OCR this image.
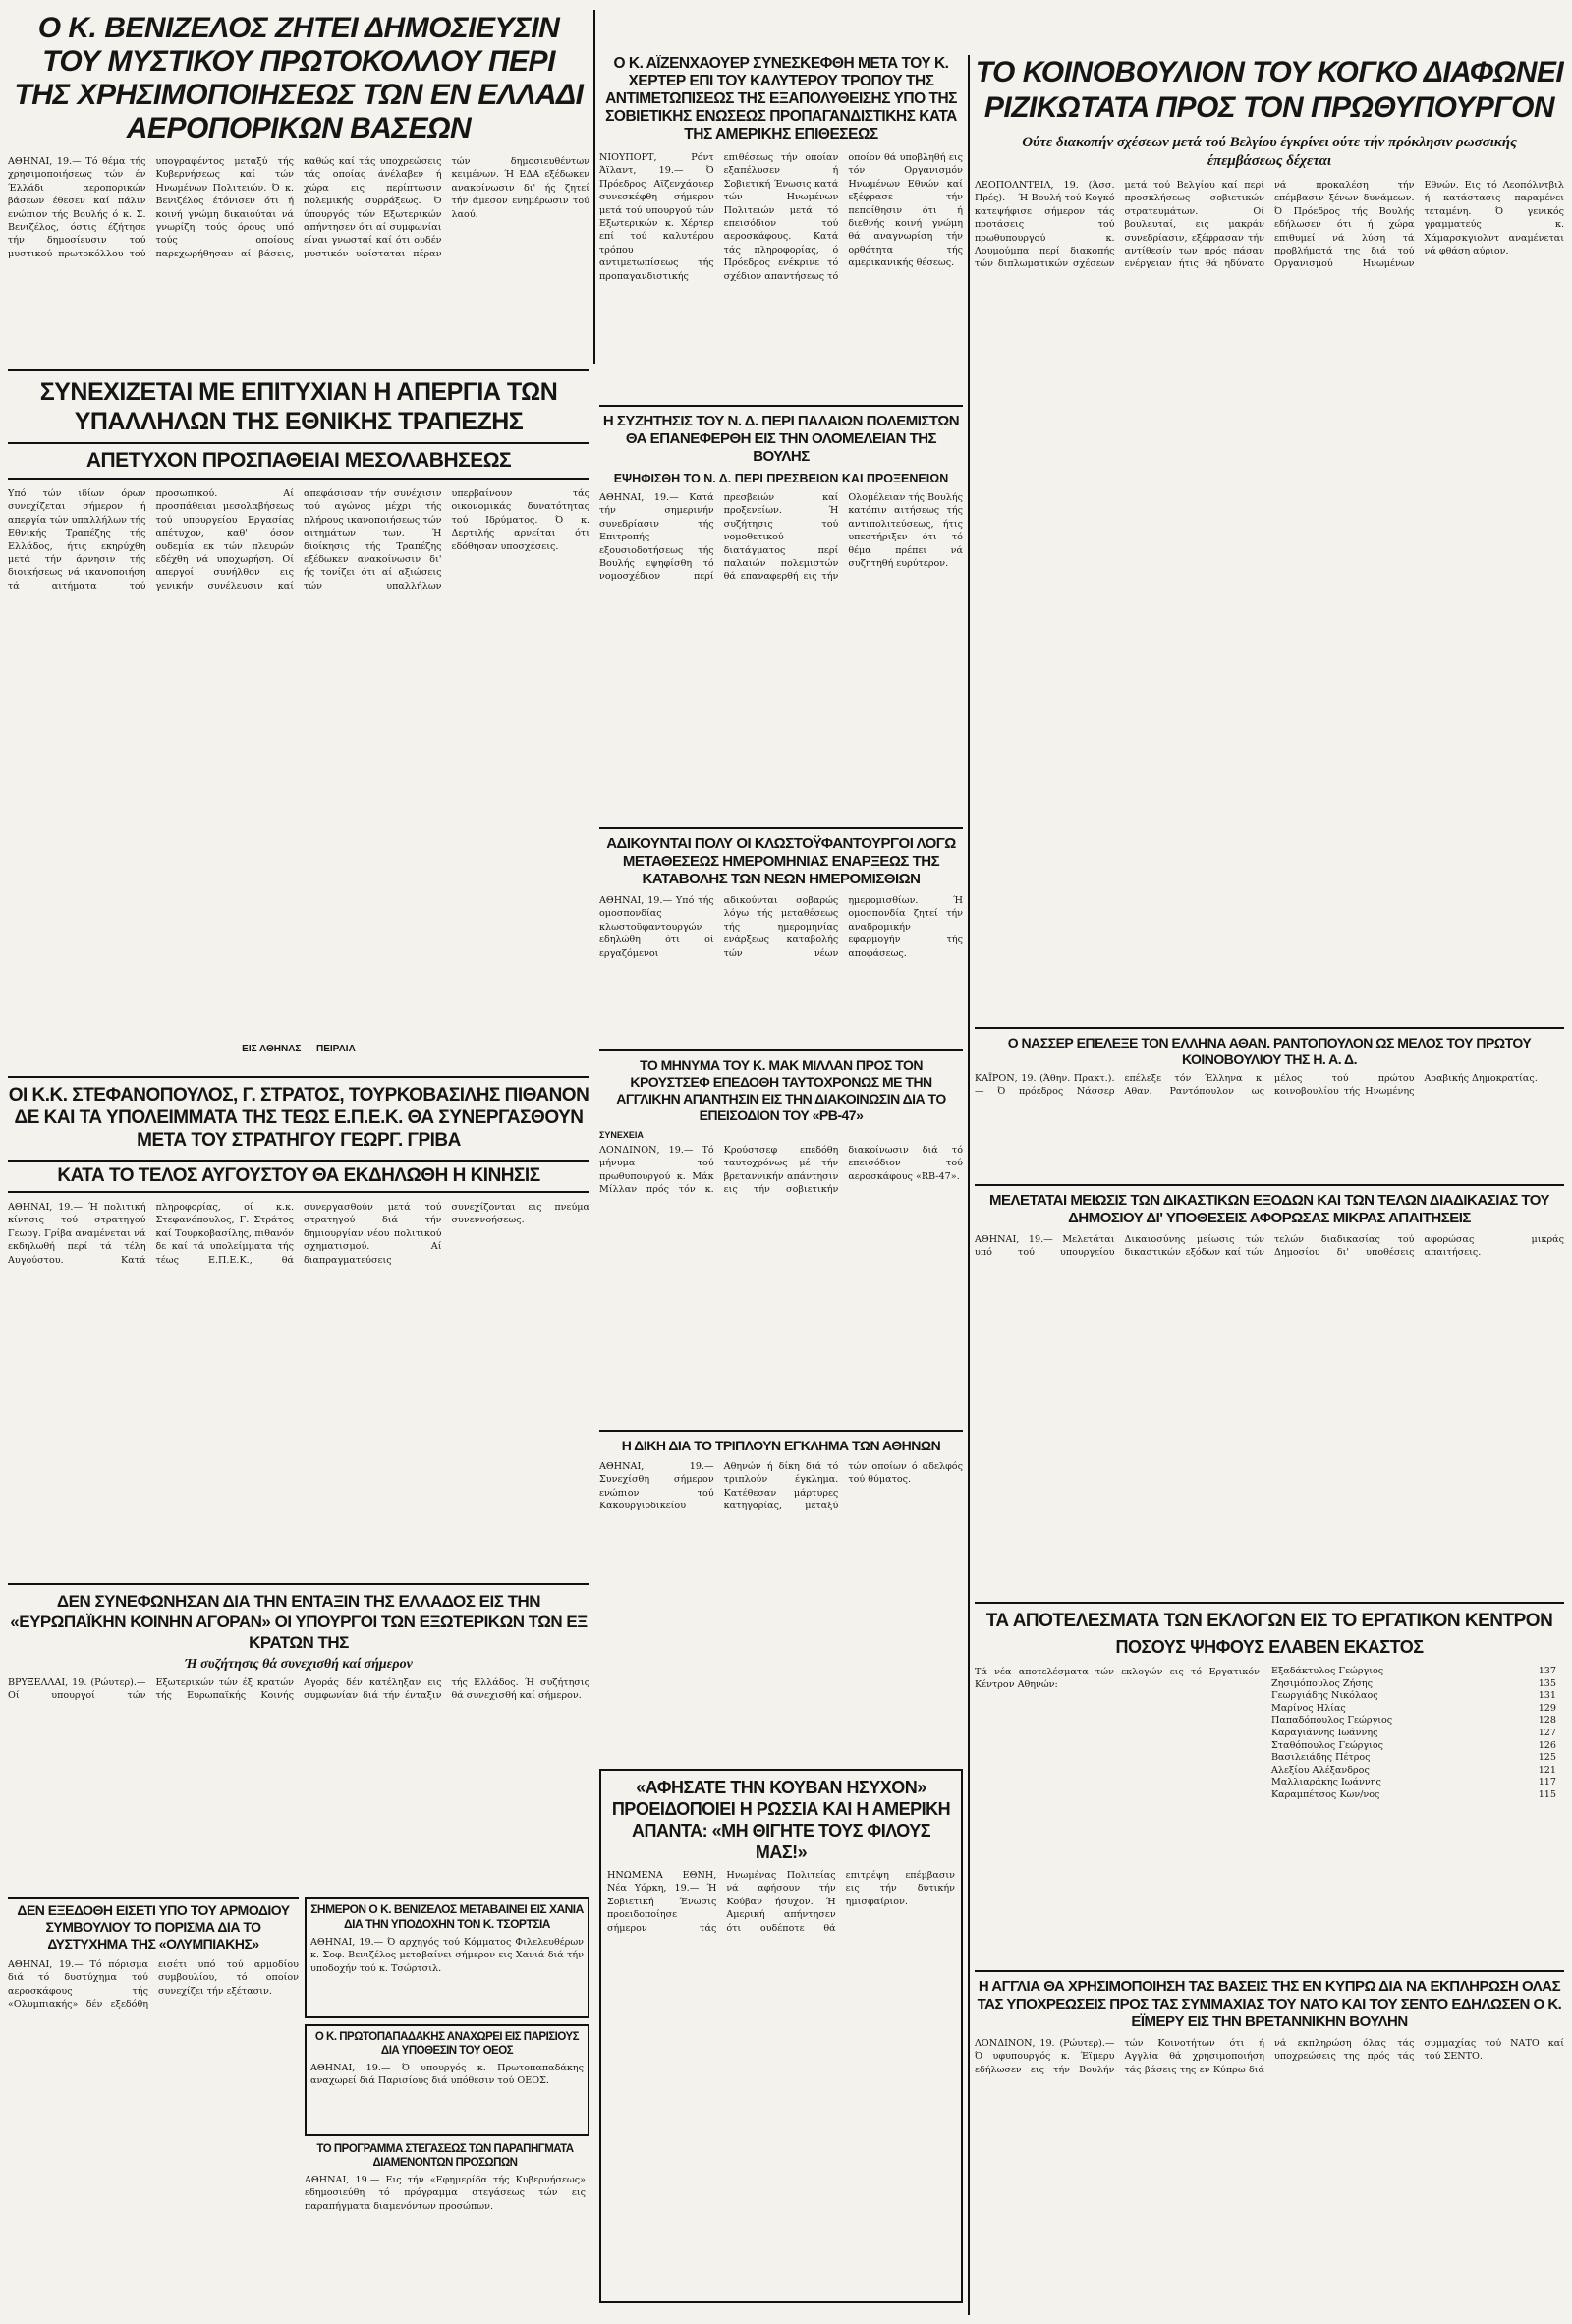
Ο Κ. ΒΕΝΙΖΕΛΟΣ ΖΗΤΕΙ ΔΗΜΟΣΙΕΥΣΙΝ ΤΟΥ ΜΥΣΤΙΚΟΥ ΠΡΩΤΟΚΟΛΛΟΥ ΠΕΡΙ ΤΗΣ ΧΡΗΣΙΜΟΠΟΙΗΣΕΩΣ ΤΩΝ ΕΝ ΕΛΛΑΔΙ ΑΕΡΟΠΟΡΙΚΩΝ ΒΑΣΕΩΝ
ΑΘΗΝΑΙ, 19.— Τό θέμα τής χρησιμοποιήσεως τών έν Έλλάδι αεροπορικών βάσεων έθεσεν καί πάλιν ενώπιον τής Βουλής ό κ. Σ. Βενιζέλος, όστις έζήτησε τήν δημοσίευσιν τού μυστικού πρωτοκόλλου τού υπογραφέντος μεταξύ τής Κυβερνήσεως καί τών Ηνωμένων Πολιτειών. Ό κ. Βενιζέλος έτόνισεν ότι ή κοινή γνώμη δικαιούται νά γνωρίζη τούς όρους υπό τούς οποίους παρεχωρήθησαν αί βάσεις, καθώς καί τάς υποχρεώσεις τάς οποίας άνέλαβεν ή χώρα εις περίπτωσιν πολεμικής συρράξεως. Ό ύπουργός τών Εξωτερικών απήντησεν ότι αί συμφωνίαι είναι γνωσταί καί ότι ουδέν μυστικόν υφίσταται πέραν τών δημοσιευθέντων κειμένων. Ή ΕΔΑ εξέδωκεν ανακοίνωσιν δι' ής ζητεί τήν άμεσον ενημέρωσιν τού λαού.
Ο Κ. ΑΪΖΕΝΧΑΟΥΕΡ ΣΥΝΕΣΚΕΦΘΗ ΜΕΤΑ ΤΟΥ Κ. ΧΕΡΤΕΡ ΕΠΙ ΤΟΥ ΚΑΛΥΤΕΡΟΥ ΤΡΟΠΟΥ ΤΗΣ ΑΝΤΙΜΕΤΩΠΙΣΕΩΣ ΤΗΣ ΕΞΑΠΟΛΥΘΕΙΣΗΣ ΥΠΟ ΤΗΣ ΣΟΒΙΕΤΙΚΗΣ ΕΝΩΣΕΩΣ ΠΡΟΠΑΓΑΝΔΙΣΤΙΚΗΣ ΚΑΤΑ ΤΗΣ ΑΜΕΡΙΚΗΣ ΕΠΙΘΕΣΕΩΣ
ΝΙΟΥΠΟΡΤ, Ρόντ Άϊλαντ, 19.— Ό Πρόεδρος Αϊζενχάουερ συνεσκέφθη σήμερον μετά τού υπουργού τών Εξωτερικών κ. Χέρτερ επί τού καλυτέρου τρόπου αντιμετωπίσεως τής προπαγανδιστικής επιθέσεως τήν οποίαν εξαπέλυσεν ή Σοβιετική Ένωσις κατά τών Ηνωμένων Πολιτειών μετά τό επεισόδιον τού αεροσκάφους. Κατά τάς πληροφορίας, ό Πρόεδρος ενέκρινε τό σχέδιον απαντήσεως τό οποίον θά υποβληθή εις τόν Οργανισμόν Ηνωμένων Εθνών καί εξέφρασε τήν πεποίθησιν ότι ή διεθνής κοινή γνώμη θά αναγνωρίση τήν ορθότητα τής αμερικανικής θέσεως.
ΤΟ ΚΟΙΝΟΒΟΥΛΙΟΝ ΤΟΥ ΚΟΓΚΟ ΔΙΑΦΩΝΕΙ ΡΙΖΙΚΩΤΑΤΑ ΠΡΟΣ ΤΟΝ ΠΡΩΘΥΠΟΥΡΓΟΝ
Ούτε διακοπήν σχέσεων μετά τού Βελγίου έγκρίνει ούτε τήν πρόκλησιν ρωσσικής έπεμβάσεως δέχεται
ΛΕΟΠΟΛΝΤΒΙΛ, 19. (Άσσ. Πρές).— Ή Βουλή τού Κογκό κατεψήφισε σήμερον τάς προτάσεις τού πρωθυπουργού κ. Λουμούμπα περί διακοπής τών διπλωματικών σχέσεων μετά τού Βελγίου καί περί προσκλήσεως σοβιετικών στρατευμάτων. Οί βουλευταί, εις μακράν συνεδρίασιν, εξέφρασαν τήν αντίθεσίν των πρός πάσαν ενέργειαν ήτις θά ηδύνατο νά προκαλέση τήν επέμβασιν ξένων δυνάμεων. Ό Πρόεδρος τής Βουλής εδήλωσεν ότι ή χώρα επιθυμεί νά λύση τά προβλήματά της διά τού Οργανισμού Ηνωμένων Εθνών. Εις τό Λεοπόλντβιλ ή κατάστασις παραμένει τεταμένη. Ό γενικός γραμματεύς κ. Χάμαρσκγιολντ αναμένεται νά φθάση αύριον.
ΣΥΝΕΧΙΖΕΤΑΙ ΜΕ ΕΠΙΤΥΧΙΑΝ Η ΑΠΕΡΓΙΑ ΤΩΝ ΥΠΑΛΛΗΛΩΝ ΤΗΣ ΕΘΝΙΚΗΣ ΤΡΑΠΕΖΗΣ
ΑΠΕΤΥΧΟΝ ΠΡΟΣΠΑΘΕΙΑΙ ΜΕΣΟΛΑΒΗΣΕΩΣ
Υπό τών ιδίων όρων συνεχίζεται σήμερον ή απεργία τών υπαλλήλων τής Εθνικής Τραπέζης τής Ελλάδος, ήτις εκηρύχθη μετά τήν άρνησιν τής διοικήσεως νά ικανοποιήση τά αιτήματα τού προσωπικού. Αί προσπάθειαι μεσολαβήσεως τού υπουργείου Εργασίας απέτυχον, καθ' όσον ουδεμία εκ τών πλευρών εδέχθη νά υποχωρήση. Οί απεργοί συνήλθον εις γενικήν συνέλευσιν καί απεφάσισαν τήν συνέχισιν τού αγώνος μέχρι τής πλήρους ικανοποιήσεως τών αιτημάτων των. Ή διοίκησις τής Τραπέζης εξέδωκεν ανακοίνωσιν δι' ής τονίζει ότι αί αξιώσεις τών υπαλλήλων υπερβαίνουν τάς οικονομικάς δυνατότητας τού Ιδρύματος. Ό κ. Δερτιλής αρνείται ότι εδόθησαν υποσχέσεις.
ΕΙΣ ΑΘΗΝΑΣ — ΠΕΙΡΑΙΑ
Η ΣΥΖΗΤΗΣΙΣ ΤΟΥ Ν. Δ. ΠΕΡΙ ΠΑΛΑΙΩΝ ΠΟΛΕΜΙΣΤΩΝ ΘΑ ΕΠΑΝΕΦΕΡΘΗ ΕΙΣ ΤΗΝ ΟΛΟΜΕΛΕΙΑΝ ΤΗΣ ΒΟΥΛΗΣ
ΕΨΗΦΙΣΘΗ ΤΟ Ν. Δ. ΠΕΡΙ ΠΡΕΣΒΕΙΩΝ ΚΑΙ ΠΡΟΞΕΝΕΙΩΝ
ΑΘΗΝΑΙ, 19.— Κατά τήν σημερινήν συνεδρίασιν τής Επιτροπής εξουσιοδοτήσεως τής Βουλής εψηφίσθη τό νομοσχέδιον περί πρεσβειών καί προξενείων. Ή συζήτησις τού νομοθετικού διατάγματος περί παλαιών πολεμιστών θά επαναφερθή εις τήν Ολομέλειαν τής Βουλής κατόπιν αιτήσεως τής αντιπολιτεύσεως, ήτις υπεστήριξεν ότι τό θέμα πρέπει νά συζητηθή ευρύτερον.
ΑΔΙΚΟΥΝΤΑΙ ΠΟΛΥ ΟΙ ΚΛΩΣΤΟΫΦΑΝΤΟΥΡΓΟΙ ΛΟΓΩ ΜΕΤΑΘΕΣΕΩΣ ΗΜΕΡΟΜΗΝΙΑΣ ΕΝΑΡΞΕΩΣ ΤΗΣ ΚΑΤΑΒΟΛΗΣ ΤΩΝ ΝΕΩΝ ΗΜΕΡΟΜΙΣΘΙΩΝ
ΑΘΗΝΑΙ, 19.— Υπό τής ομοσπονδίας κλωστοϋφαντουργών εδηλώθη ότι οί εργαζόμενοι αδικούνται σοβαρώς λόγω τής μεταθέσεως τής ημερομηνίας ενάρξεως καταβολής τών νέων ημερομισθίων. Ή ομοσπονδία ζητεί τήν αναδρομικήν εφαρμογήν τής αποφάσεως.
ΟΙ Κ.Κ. ΣΤΕΦΑΝΟΠΟΥΛΟΣ, Γ. ΣΤΡΑΤΟΣ, ΤΟΥΡΚΟΒΑΣΙΛΗΣ ΠΙΘΑΝΟΝ ΔΕ ΚΑΙ ΤΑ ΥΠΟΛΕΙΜΜΑΤΑ ΤΗΣ ΤΕΩΣ Ε.Π.Ε.Κ. ΘΑ ΣΥΝΕΡΓΑΣΘΟΥΝ ΜΕΤΑ ΤΟΥ ΣΤΡΑΤΗΓΟΥ ΓΕΩΡΓ. ΓΡΙΒΑ
ΚΑΤΑ ΤΟ ΤΕΛΟΣ ΑΥΓΟΥΣΤΟΥ ΘΑ ΕΚΔΗΛΩΘΗ Η ΚΙΝΗΣΙΣ
ΑΘΗΝΑΙ, 19.— Ή πολιτική κίνησις τού στρατηγού Γεωργ. Γρίβα αναμένεται νά εκδηλωθή περί τά τέλη Αυγούστου. Κατά πληροφορίας, οί κ.κ. Στεφανόπουλος, Γ. Στράτος καί Τουρκοβασίλης, πιθανόν δε καί τά υπολείμματα τής τέως Ε.Π.Ε.Κ., θά συνεργασθούν μετά τού στρατηγού διά τήν δημιουργίαν νέου πολιτικού σχηματισμού. Αί διαπραγματεύσεις συνεχίζονται εις πνεύμα συνεννοήσεως.
ΤΟ ΜΗΝΥΜΑ ΤΟΥ Κ. ΜΑΚ ΜΙΛΛΑΝ ΠΡΟΣ ΤΟΝ ΚΡΟΥΣΤΣΕΦ ΕΠΕΔΟΘΗ ΤΑΥΤΟΧΡΟΝΩΣ ΜΕ ΤΗΝ ΑΓΓΛΙΚΗΝ ΑΠΑΝΤΗΣΙΝ ΕΙΣ ΤΗΝ ΔΙΑΚΟΙΝΩΣΙΝ ΔΙΑ ΤΟ ΕΠΕΙΣΟΔΙΟΝ ΤΟΥ «ΡΒ-47»
ΣΥΝΕΧΕΙΑ
ΛΟΝΔΙΝΟΝ, 19.— Τό μήνυμα τού πρωθυπουργού κ. Μάκ Μίλλαν πρός τόν κ. Κρούστσεφ επεδόθη ταυτοχρόνως μέ τήν βρεταννικήν απάντησιν εις τήν σοβιετικήν διακοίνωσιν διά τό επεισόδιον τού αεροσκάφους «RB-47».
Η ΔΙΚΗ ΔΙΑ ΤΟ ΤΡΙΠΛΟΥΝ ΕΓΚΛΗΜΑ ΤΩΝ ΑΘΗΝΩΝ
ΑΘΗΝΑΙ, 19.— Συνεχίσθη σήμερον ενώπιον τού Κακουργιοδικείου Αθηνών ή δίκη διά τό τριπλούν έγκλημα. Κατέθεσαν μάρτυρες κατηγορίας, μεταξύ τών οποίων ό αδελφός τού θύματος.
«ΑΦΗΣΑΤΕ ΤΗΝ ΚΟΥΒΑΝ ΗΣΥΧΟΝ» ΠΡΟΕΙΔΟΠΟΙΕΙ Η ΡΩΣΣΙΑ ΚΑΙ Η ΑΜΕΡΙΚΗ ΑΠΑΝΤΑ: «ΜΗ ΘΙΓΗΤΕ ΤΟΥΣ ΦΙΛΟΥΣ ΜΑΣ!»
ΗΝΩΜΕΝΑ ΕΘΝΗ, Νέα Υόρκη, 19.— Ή Σοβιετική Ένωσις προειδοποίησε σήμερον τάς Ηνωμένας Πολιτείας νά αφήσουν τήν Κούβαν ήσυχον. Ή Αμερική απήντησεν ότι ουδέποτε θά επιτρέψη επέμβασιν εις τήν δυτικήν ημισφαίριον.
ΔΕΝ ΣΥΝΕΦΩΝΗΣΑΝ ΔΙΑ ΤΗΝ ΕΝΤΑΞΙΝ ΤΗΣ ΕΛΛΑΔΟΣ ΕΙΣ ΤΗΝ «ΕΥΡΩΠΑΪΚΗΝ ΚΟΙΝΗΝ ΑΓΟΡΑΝ» ΟΙ ΥΠΟΥΡΓΟΙ ΤΩΝ ΕΞΩΤΕΡΙΚΩΝ ΤΩΝ ΕΞ ΚΡΑΤΩΝ ΤΗΣ
Ή συζήτησις θά συνεχισθή καί σήμερον
ΒΡΥΞΕΛΛΑΙ, 19. (Ρώυτερ).— Οί υπουργοί τών Εξωτερικών τών έξ κρατών τής Ευρωπαϊκής Κοινής Αγοράς δέν κατέληξαν εις συμφωνίαν διά τήν ένταξιν τής Ελλάδος. Ή συζήτησις θά συνεχισθή καί σήμερον.
ΣΗΜΕΡΟΝ Ο Κ. ΒΕΝΙΖΕΛΟΣ ΜΕΤΑΒΑΙΝΕΙ ΕΙΣ ΧΑΝΙΑ ΔΙΑ ΤΗΝ ΥΠΟΔΟΧΗΝ ΤΟΝ Κ. ΤΣΟΡΤΣΙΑ
ΑΘΗΝΑΙ, 19.— Ό αρχηγός τού Κόμματος Φιλελευθέρων κ. Σοφ. Βενιζέλος μεταβαίνει σήμερον εις Χανιά διά τήν υποδοχήν τού κ. Τσώρτσιλ.
ΔΕΝ ΕΞΕΔΟΘΗ ΕΙΣΕΤΙ ΥΠΟ ΤΟΥ ΑΡΜΟΔΙΟΥ ΣΥΜΒΟΥΛΙΟΥ ΤΟ ΠΟΡΙΣΜΑ ΔΙΑ ΤΟ ΔΥΣΤΥΧΗΜΑ ΤΗΣ «ΟΛΥΜΠΙΑΚΗΣ»
ΑΘΗΝΑΙ, 19.— Τό πόρισμα διά τό δυστύχημα τού αεροσκάφους τής «Ολυμπιακής» δέν εξεδόθη εισέτι υπό τού αρμοδίου συμβουλίου, τό οποίον συνεχίζει τήν εξέτασιν.
Ο Κ. ΠΡΩΤΟΠΑΠΑΔΑΚΗΣ ΑΝΑΧΩΡΕΙ ΕΙΣ ΠΑΡΙΣΙΟΥΣ ΔΙΑ ΥΠΟΘΕΣΙΝ ΤΟΥ ΟΕΟΣ
ΑΘΗΝΑΙ, 19.— Ό υπουργός κ. Πρωτοπαπαδάκης αναχωρεί διά Παρισίους διά υπόθεσιν τού ΟΕΟΣ.
ΤΟ ΠΡΟΓΡΑΜΜΑ ΣΤΕΓΑΣΕΩΣ ΤΩΝ ΠΑΡΑΠΗΓΜΑΤΑ ΔΙΑΜΕΝΟΝΤΩΝ ΠΡΟΣΩΠΩΝ
ΑΘΗΝΑΙ, 19.— Εις τήν «Εφημερίδα τής Κυβερνήσεως» εδημοσιεύθη τό πρόγραμμα στεγάσεως τών εις παραπήγματα διαμενόντων προσώπων.
Ο ΝΑΣΣΕΡ ΕΠΕΛΕΞΕ ΤΟΝ ΕΛΛΗΝΑ ΑΘΑΝ. ΡΑΝΤΟΠΟΥΛΟΝ ΩΣ ΜΕΛΟΣ ΤΟΥ ΠΡΩΤΟΥ ΚΟΙΝΟΒΟΥΛΙΟΥ ΤΗΣ Η. Α. Δ.
ΚΑΪΡΟΝ, 19. (Άθην. Πρακτ.).— Ό πρόεδρος Νάσσερ επέλεξε τόν Έλληνα κ. Αθαν. Ραντόπουλον ως μέλος τού πρώτου κοινοβουλίου τής Ηνωμένης Αραβικής Δημοκρατίας.
ΜΕΛΕΤΑΤΑΙ ΜΕΙΩΣΙΣ ΤΩΝ ΔΙΚΑΣΤΙΚΩΝ ΕΞΟΔΩΝ ΚΑΙ ΤΩΝ ΤΕΛΩΝ ΔΙΑΔΙΚΑΣΙΑΣ ΤΟΥ ΔΗΜΟΣΙΟΥ ΔΙ' ΥΠΟΘΕΣΕΙΣ ΑΦΟΡΩΣΑΣ ΜΙΚΡΑΣ ΑΠΑΙΤΗΣΕΙΣ
ΑΘΗΝΑΙ, 19.— Μελετάται υπό τού υπουργείου Δικαιοσύνης μείωσις τών δικαστικών εξόδων καί τών τελών διαδικασίας τού Δημοσίου δι' υποθέσεις αφορώσας μικράς απαιτήσεις.
ΤΑ ΑΠΟΤΕΛΕΣΜΑΤΑ ΤΩΝ ΕΚΛΟΓΩΝ ΕΙΣ ΤΟ ΕΡΓΑΤΙΚΟΝ ΚΕΝΤΡΟΝ
ΠΟΣΟΥΣ ΨΗΦΟΥΣ ΕΛΑΒΕΝ ΕΚΑΣΤΟΣ
Τά νέα αποτελέσματα τών εκλογών εις τό Εργατικόν Κέντρον Αθηνών:
Εξαδάκτυλος Γεώργιος	137
Ζησιμόπουλος Ζήσης	135
Γεωργιάδης Νικόλαος	131
Μαρίνος Ηλίας	129
Παπαδόπουλος Γεώργιος	128
Καραγιάννης Ιωάννης	127
Σταθόπουλος Γεώργιος	126
Βασιλειάδης Πέτρος	125
Αλεξίου Αλέξανδρος	121
Μαλλιαράκης Ιωάννης	117
Καραμπέτσος Κων/νος	115
Η ΑΓΓΛΙΑ ΘΑ ΧΡΗΣΙΜΟΠΟΙΗΣΗ ΤΑΣ ΒΑΣΕΙΣ ΤΗΣ ΕΝ ΚΥΠΡΩ ΔΙΑ ΝΑ ΕΚΠΛΗΡΩΣΗ ΟΛΑΣ ΤΑΣ ΥΠΟΧΡΕΩΣΕΙΣ ΠΡΟΣ ΤΑΣ ΣΥΜΜΑΧΙΑΣ ΤΟΥ ΝΑΤΟ ΚΑΙ ΤΟΥ ΣΕΝΤΟ ΕΔΗΛΩΣΕΝ Ο Κ. ΕΪΜΕΡΥ ΕΙΣ ΤΗΝ ΒΡΕΤΑΝΝΙΚΗΝ ΒΟΥΛΗΝ
ΛΟΝΔΙΝΟΝ, 19. (Ρώυτερ).— Ό υφυπουργός κ. Έϊμερυ εδήλωσεν εις τήν Βουλήν τών Κοινοτήτων ότι ή Αγγλία θά χρησιμοποιήση τάς βάσεις της εν Κύπρω διά νά εκπληρώση όλας τάς υποχρεώσεις της πρός τάς συμμαχίας τού ΝΑΤΟ καί τού ΣΕΝΤΟ.
